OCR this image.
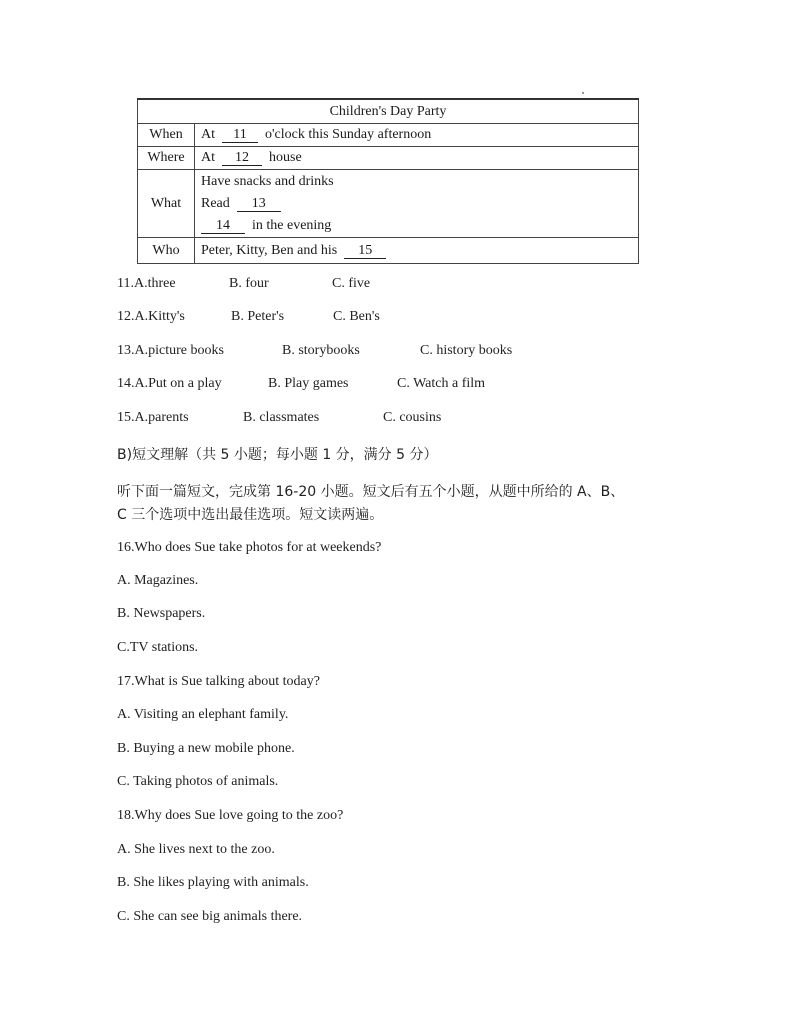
Children's Day Party	
When	At 11 o'clock this Sunday afternoon
Where	At 12 house
What	Have snacks and drinks
Read 13
14 in the evening

Who	Peter, Kitty, Ben and his 15
11.A.three	B. four	C. five
12.A.Kitty's	B. Peter's	C. Ben's
13.A.picture books	B. storybooks	C. history books
14.A.Put on a play	B. Play games	C. Watch a film
15.A.parents	B. classmates	C. cousins
B)短文理解（共 5 小题；每小题 1 分，满分 5 分）
听下面一篇短文，完成第 16-20 小题。短文后有五个小题，从题中所给的 A、B、
C 三个选项中选出最佳选项。短文读两遍。
16.Who does Sue take photos for at weekends?
A. Magazines.
B. Newspapers.
C.TV stations.
17.What is Sue talking about today?
A. Visiting an elephant family.
B. Buying a new mobile phone.
C. Taking photos of animals.
18.Why does Sue love going to the zoo?
A. She lives next to the zoo.
B. She likes playing with animals.
C. She can see big animals there.
